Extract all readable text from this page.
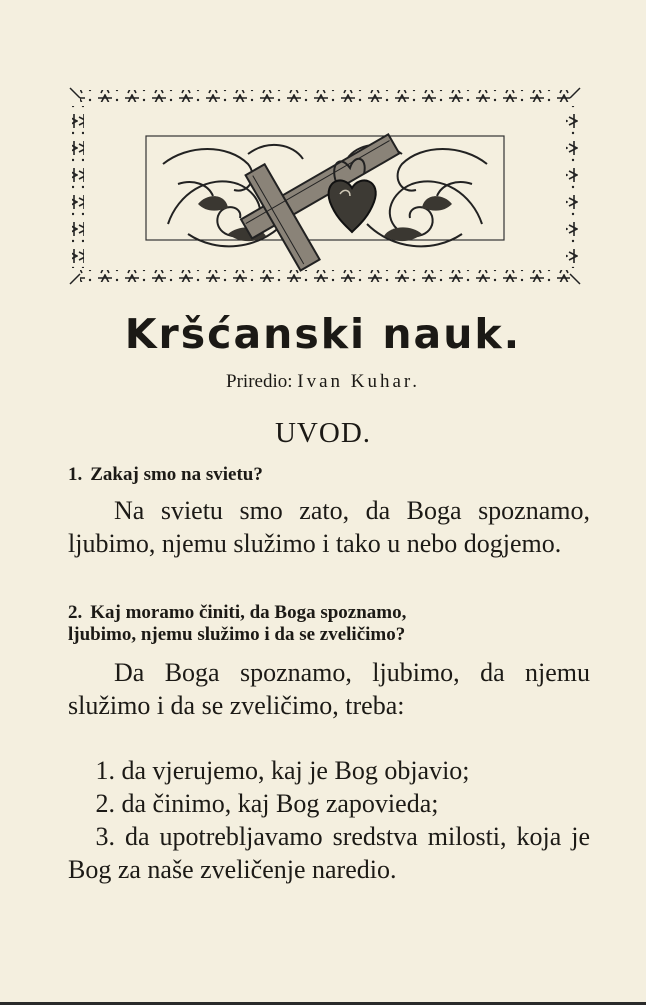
Kršćanski nauk.
Priredio: Ivan Kuhar.
UVOD.
1. Zakaj smo na svietu?
Na svietu smo zato, da Boga spoznamo, ljubimo, njemu služimo i tako u nebo dogjemo.
2. Kaj moramo činiti, da Boga spoznamo,
ljubimo, njemu služimo i da se zveličimo?
Da Boga spoznamo, ljubimo, da njemu služimo i da se zveličimo, treba:
1. da vjerujemo, kaj je Bog objavio;
2. da činimo, kaj Bog zapovieda;
3. da upotrebljavamo sredstva milosti, koja je Bog za naše zveličenje naredio.
